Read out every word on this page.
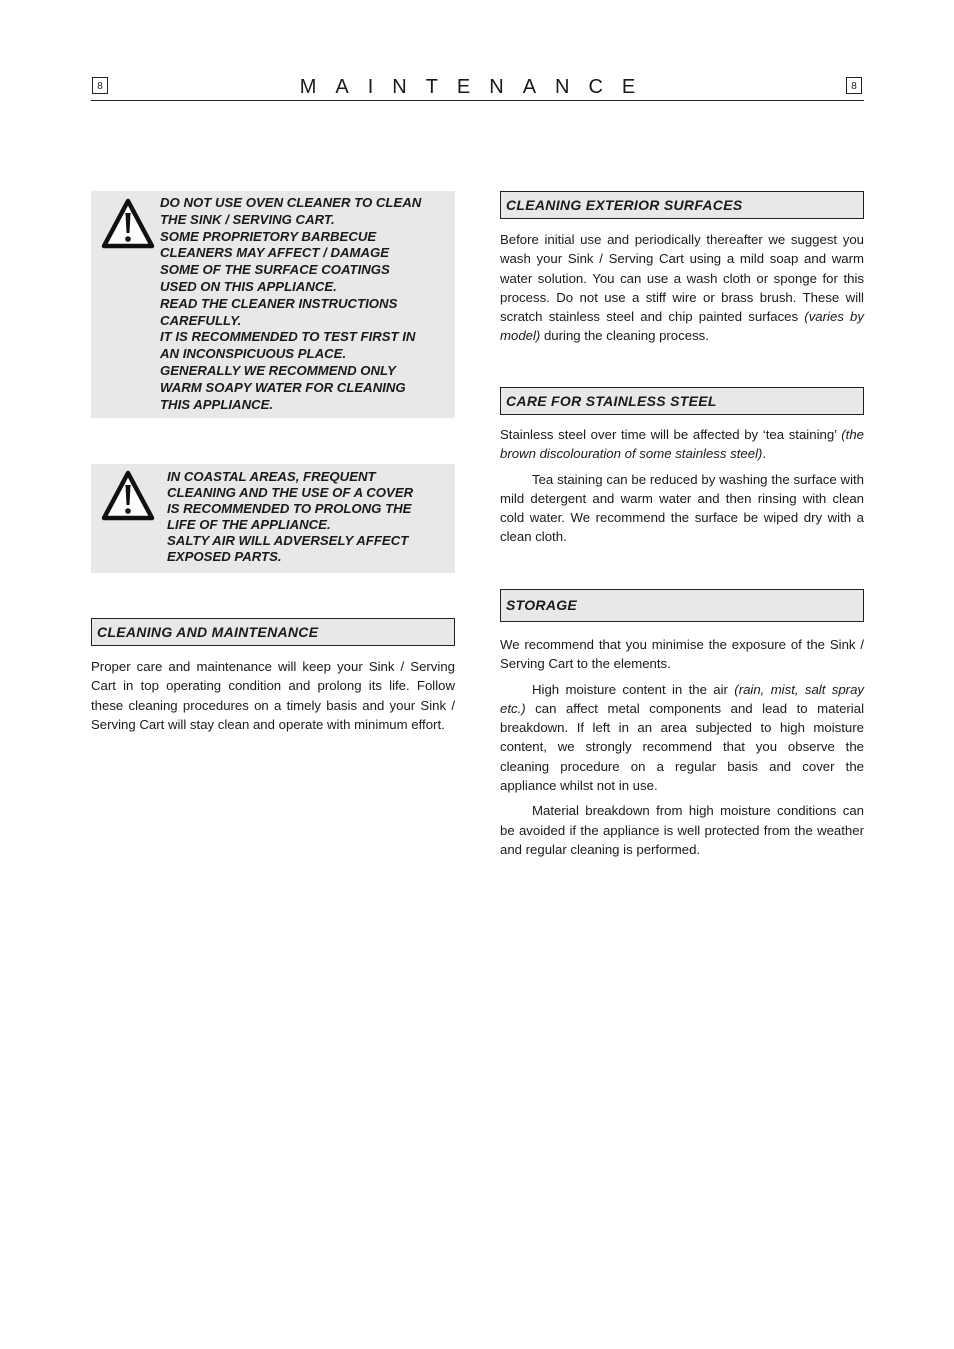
8	MAINTENANCE	8
DO NOT USE OVEN CLEANER TO CLEAN
THE SINK / SERVING CART.
SOME PROPRIETORY BARBECUE
CLEANERS MAY AFFECT / DAMAGE
SOME OF THE SURFACE COATINGS
USED ON THIS APPLIANCE.
READ THE CLEANER INSTRUCTIONS
CAREFULLY.
IT IS RECOMMENDED TO TEST FIRST IN
AN INCONSPICUOUS PLACE.
GENERALLY WE RECOMMEND ONLY
WARM SOAPY WATER FOR CLEANING
THIS APPLIANCE.
IN COASTAL AREAS, FREQUENT
CLEANING AND THE USE OF A COVER
IS RECOMMENDED TO PROLONG THE
LIFE OF THE APPLIANCE.
SALTY AIR WILL ADVERSELY AFFECT
EXPOSED PARTS.
CLEANING AND MAINTENANCE

Proper care and maintenance will keep your Sink / Serving Cart in top operating condition and prolong its life. Follow these cleaning procedures on a timely basis and your Sink / Serving Cart will stay clean and operate with minimum effort.

CLEANING EXTERIOR SURFACES

Before initial use and periodically thereafter we suggest you wash your Sink / Serving Cart using a mild soap and warm water solution. You can use a wash cloth or sponge for this process. Do not use a stiff wire or brass brush. These will scratch stainless steel and chip painted surfaces (varies by model) during the cleaning process.

CARE FOR STAINLESS STEEL

Stainless steel over time will be affected by ‘tea staining’ (the brown discolouration of some stainless steel).

Tea staining can be reduced by washing the surface with mild detergent and warm water and then rinsing with clean cold water. We recommend the surface be wiped dry with a clean cloth.

STORAGE

We recommend that you minimise the exposure of the Sink / Serving Cart to the elements.

High moisture content in the air (rain, mist, salt spray etc.) can affect metal components and lead to material breakdown. If left in an area subjected to high moisture content, we strongly recommend that you observe the cleaning procedure on a regular basis and cover the appliance whilst not in use.

Material breakdown from high moisture conditions can be avoided if the appliance is well protected from the weather and regular cleaning is performed.
